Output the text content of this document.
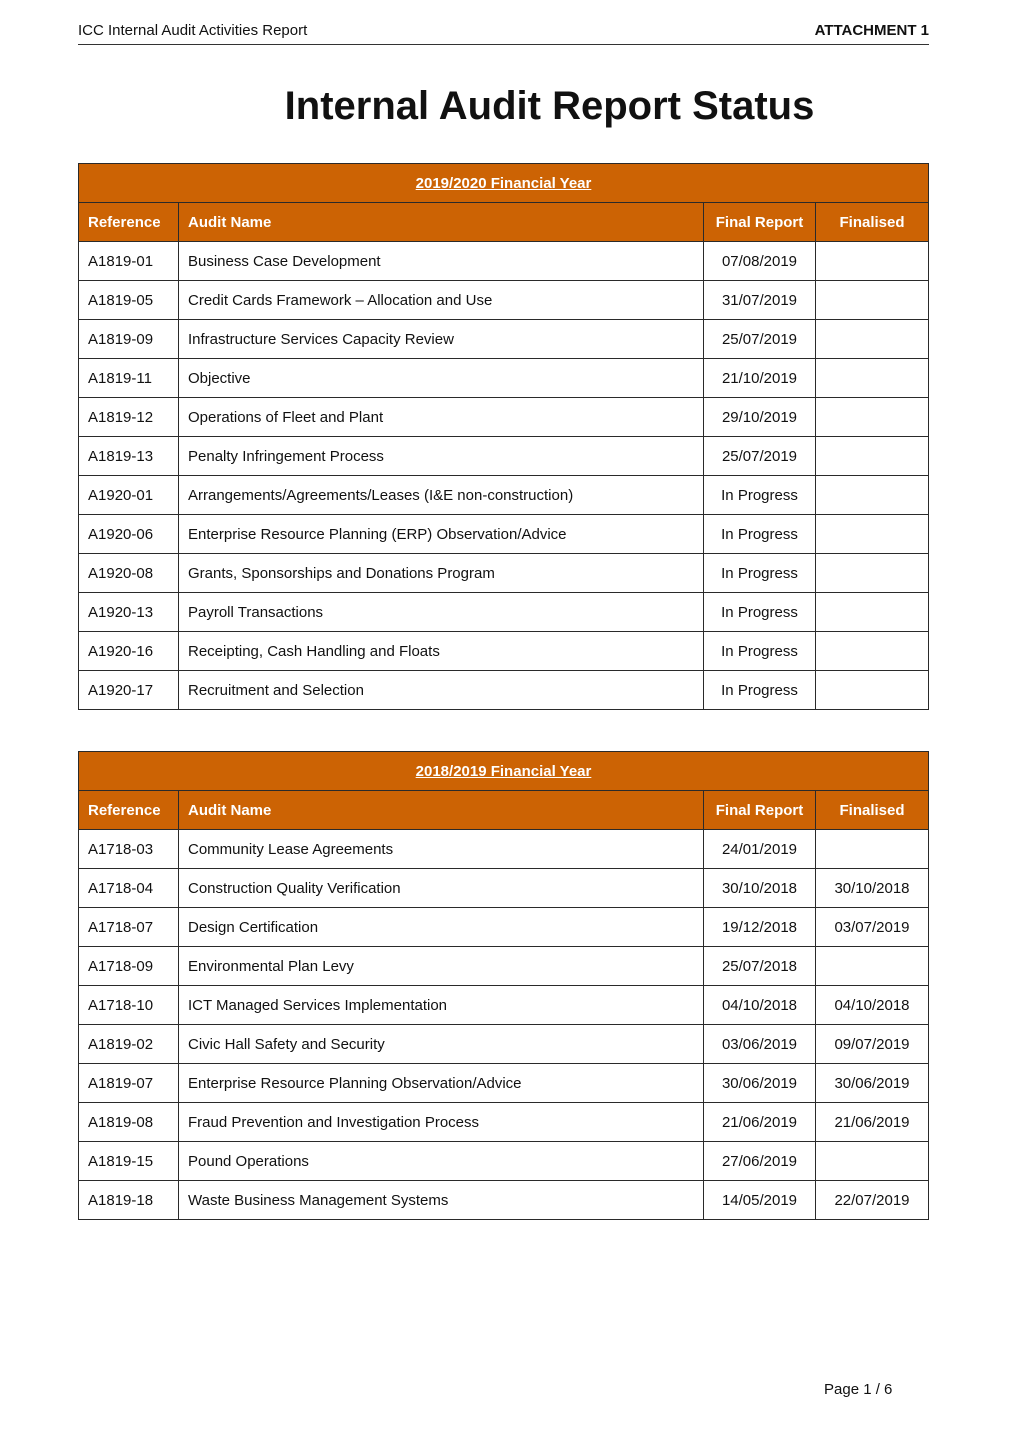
ICC Internal Audit Activities Report	ATTACHMENT 1
Internal Audit Report Status
2019/2020 Financial Year			
Reference	Audit Name	Final Report	Finalised
A1819-01	Business Case Development	07/08/2019	
A1819-05	Credit Cards Framework – Allocation and Use	31/07/2019	
A1819-09	Infrastructure Services Capacity Review	25/07/2019	
A1819-11	Objective	21/10/2019	
A1819-12	Operations of Fleet and Plant	29/10/2019	
A1819-13	Penalty Infringement Process	25/07/2019	
A1920-01	Arrangements/Agreements/Leases (I&E non-construction)	In Progress	
A1920-06	Enterprise Resource Planning (ERP) Observation/Advice	In Progress	
A1920-08	Grants, Sponsorships and Donations Program	In Progress	
A1920-13	Payroll Transactions	In Progress	
A1920-16	Receipting, Cash Handling and Floats	In Progress	
A1920-17	Recruitment and Selection	In Progress	
2018/2019 Financial Year			
Reference	Audit Name	Final Report	Finalised
A1718-03	Community Lease Agreements	24/01/2019	
A1718-04	Construction Quality Verification	30/10/2018	30/10/2018
A1718-07	Design Certification	19/12/2018	03/07/2019
A1718-09	Environmental Plan Levy	25/07/2018	
A1718-10	ICT Managed Services Implementation	04/10/2018	04/10/2018
A1819-02	Civic Hall Safety and Security	03/06/2019	09/07/2019
A1819-07	Enterprise Resource Planning Observation/Advice	30/06/2019	30/06/2019
A1819-08	Fraud Prevention and Investigation Process	21/06/2019	21/06/2019
A1819-15	Pound Operations	27/06/2019	
A1819-18	Waste Business Management Systems	14/05/2019	22/07/2019
Page 1 / 6
